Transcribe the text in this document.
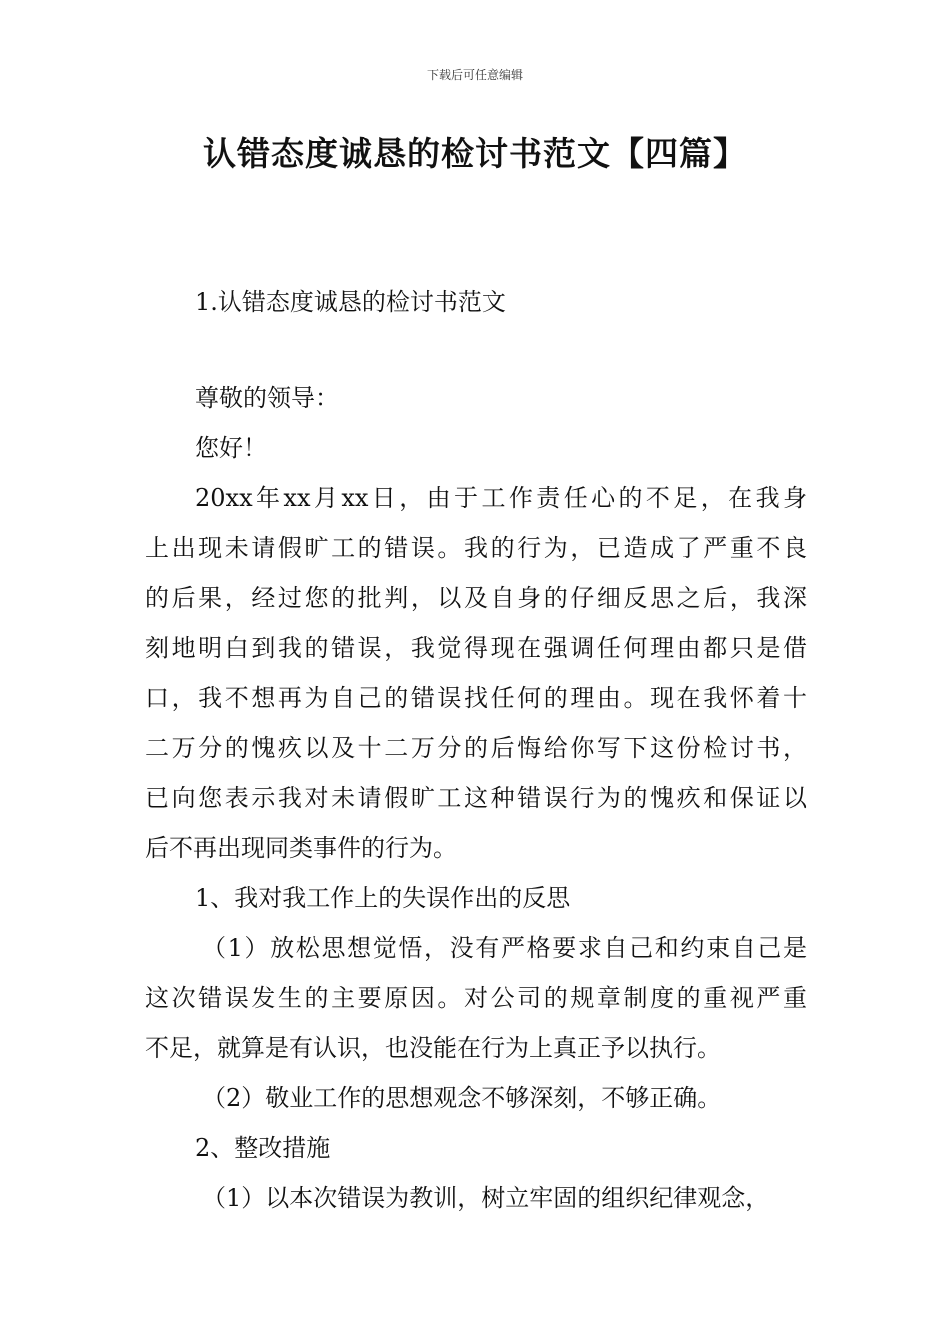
下载后可任意编辑
认错态度诚恳的检讨书范文【四篇】
1.认错态度诚恳的检讨书范文
尊敬的领导：
您好！
20xx年xx月xx日，由于工作责任心的不足，在我身
上出现未请假旷工的错误。我的行为，已造成了严重不良
的后果，经过您的批判，以及自身的仔细反思之后，我深
刻地明白到我的错误，我觉得现在强调任何理由都只是借
口，我不想再为自己的错误找任何的理由。现在我怀着十
二万分的愧疚以及十二万分的后悔给你写下这份检讨书，
已向您表示我对未请假旷工这种错误行为的愧疚和保证以
后不再出现同类事件的行为。
1、我对我工作上的失误作出的反思
（1）放松思想觉悟，没有严格要求自己和约束自己是
这次错误发生的主要原因。对公司的规章制度的重视严重
不足，就算是有认识，也没能在行为上真正予以执行。
（2）敬业工作的思想观念不够深刻，不够正确。
2、整改措施
（1）以本次错误为教训，树立牢固的组织纪律观念，
